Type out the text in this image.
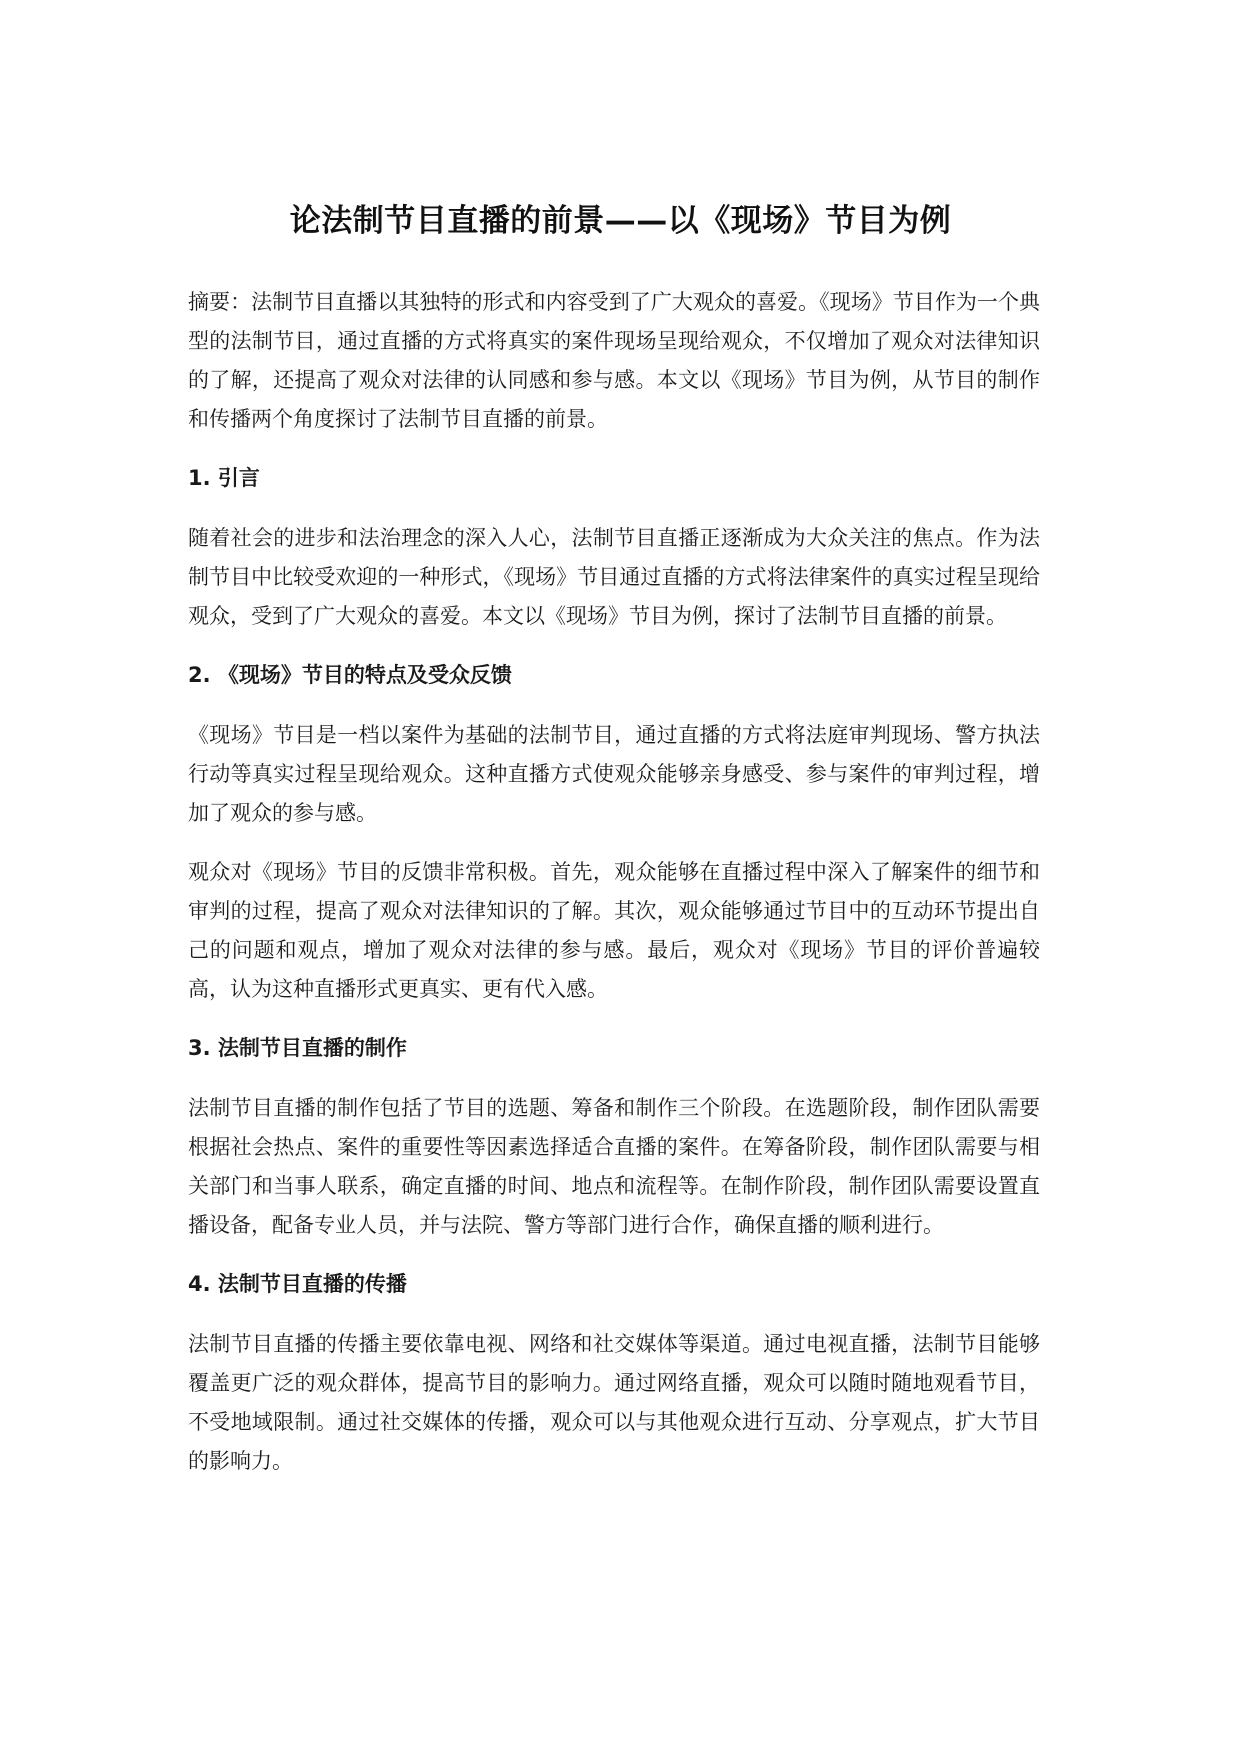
论法制节目直播的前景——以《现场》节目为例

摘要：法制节目直播以其独特的形式和内容受到了广大观众的喜爱。《现场》节目作为一个典型的法制节目，通过直播的方式将真实的案件现场呈现给观众，不仅增加了观众对法律知识的了解，还提高了观众对法律的认同感和参与感。本文以《现场》节目为例，从节目的制作和传播两个角度探讨了法制节目直播的前景。

1. 引言

随着社会的进步和法治理念的深入人心，法制节目直播正逐渐成为大众关注的焦点。作为法制节目中比较受欢迎的一种形式，《现场》节目通过直播的方式将法律案件的真实过程呈现给观众，受到了广大观众的喜爱。本文以《现场》节目为例，探讨了法制节目直播的前景。

2. 《现场》节目的特点及受众反馈

《现场》节目是一档以案件为基础的法制节目，通过直播的方式将法庭审判现场、警方执法行动等真实过程呈现给观众。这种直播方式使观众能够亲身感受、参与案件的审判过程，增加了观众的参与感。

观众对《现场》节目的反馈非常积极。首先，观众能够在直播过程中深入了解案件的细节和审判的过程，提高了观众对法律知识的了解。其次，观众能够通过节目中的互动环节提出自己的问题和观点，增加了观众对法律的参与感。最后，观众对《现场》节目的评价普遍较高，认为这种直播形式更真实、更有代入感。

3. 法制节目直播的制作

法制节目直播的制作包括了节目的选题、筹备和制作三个阶段。在选题阶段，制作团队需要根据社会热点、案件的重要性等因素选择适合直播的案件。在筹备阶段，制作团队需要与相关部门和当事人联系，确定直播的时间、地点和流程等。在制作阶段，制作团队需要设置直播设备，配备专业人员，并与法院、警方等部门进行合作，确保直播的顺利进行。

4. 法制节目直播的传播

法制节目直播的传播主要依靠电视、网络和社交媒体等渠道。通过电视直播，法制节目能够覆盖更广泛的观众群体，提高节目的影响力。通过网络直播，观众可以随时随地观看节目，不受地域限制。通过社交媒体的传播，观众可以与其他观众进行互动、分享观点，扩大节目的影响力。
